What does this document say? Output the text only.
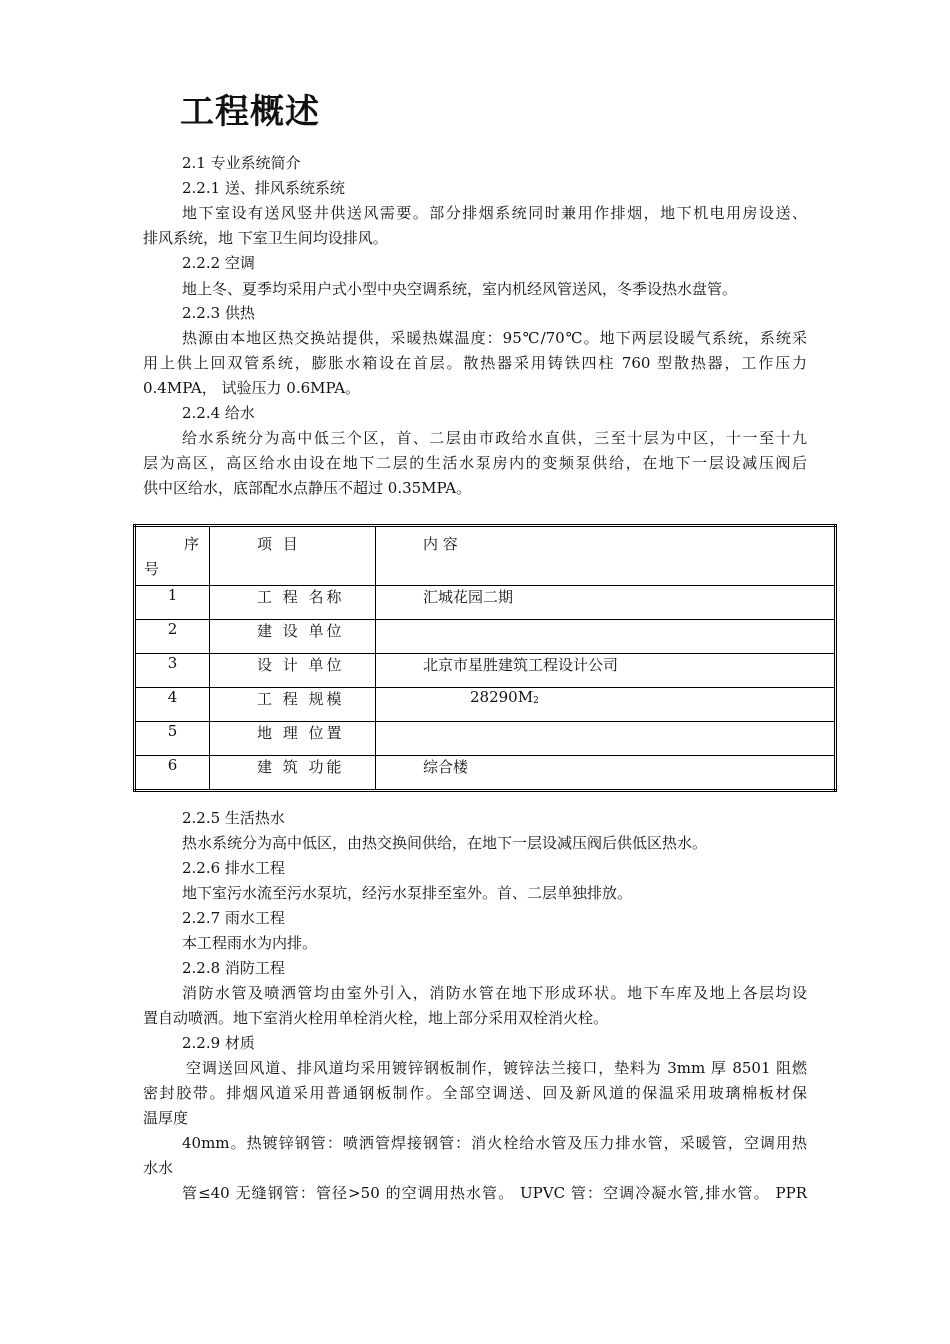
工程概述
2.1 专业系统简介
2.2.1 送、排风系统系统
地下室设有送风竖井供送风需要。部分排烟系统同时兼用作排烟，地下机电用房设送、
排风系统，地 下室卫生间均设排风。
2.2.2 空调
地上冬、夏季均采用户式小型中央空调系统，室内机经风管送风，冬季设热水盘管。
2.2.3 供热
热源由本地区热交换站提供，采暖热媒温度：95℃/70℃。地下两层设暖气系统，系统采
用上供上回双管系统，膨胀水箱设在首层。散热器采用铸铁四柱 760 型散热器，工作压力
0.4MPA， 试验压力 0.6MPA。
2.2.4 给水
给水系统分为高中低三个区，首、二层由市政给水直供，三至十层为中区，十一至十九
层为高区，高区给水由设在地下二层的生活水泵房内的变频泵供给，在地下一层设减压阀后
供中区给水，底部配水点静压不超过 0.35MPA。
序
号	项 目	内 容
1	工 程 名称	汇城花园二期
2	建 设 单位	
3	设 计 单位	北京市星胜建筑工程设计公司
4	工 程 规模	$28290M_2$
5	地 理 位置	
6	建 筑 功能	综合楼
2.2.5 生活热水
热水系统分为高中低区，由热交换间供给，在地下一层设减压阀后供低区热水。
2.2.6 排水工程
地下室污水流至污水泵坑，经污水泵排至室外。首、二层单独排放。
2.2.7 雨水工程
本工程雨水为内排。
2.2.8 消防工程
消防水管及喷洒管均由室外引入，消防水管在地下形成环状。地下车库及地上各层均设
置自动喷洒。地下室消火栓用单栓消火栓，地上部分采用双栓消火栓。
2.2.9 材质
空调送回风道、排风道均采用镀锌钢板制作，镀锌法兰接口，垫料为 3mm 厚 8501 阻燃
密封胶带。排烟风道采用普通钢板制作。全部空调送、回及新风道的保温采用玻璃棉板材保
温厚度
40mm。热镀锌钢管：喷洒管焊接钢管：消火栓给水管及压力排水管，采暖管，空调用热
水水
管≤40 无缝钢管：管径>50 的空调用热水管。 UPVC 管：空调冷凝水管,排水管。 PPR
